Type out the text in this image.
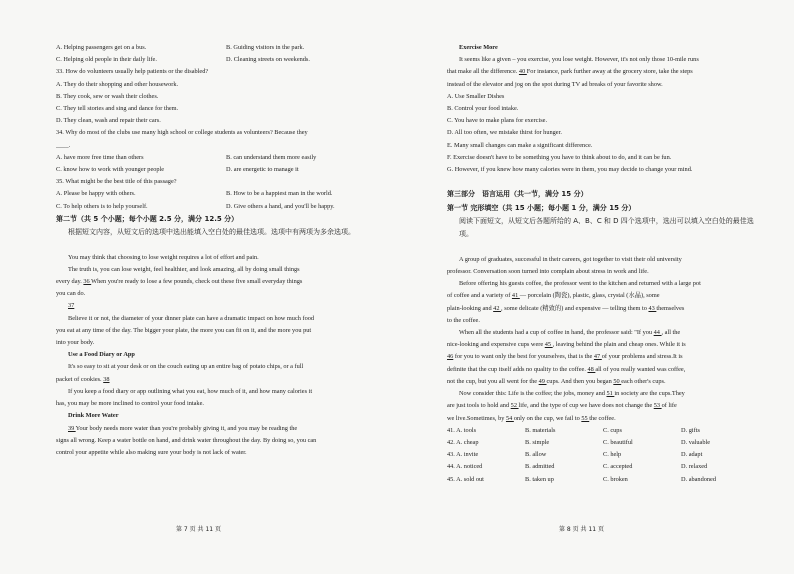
A. Helping passengers get on a bus.	B. Guiding visitors in the park.
C. Helping old people in their daily life.	D. Cleaning streets on weekends.
33. How do volunteers usually help patients or the disabled?
A. They do their shopping and other housework.
B. They cook, sew or wash their clothes.
C. They tell stories and sing and dance for them.
D. They clean, wash and repair their cars.
34. Why do most of the clubs use many high school or college students as volunteers? Because they
____.
A. have more free time than others	B. can understand them more easily
C. know how to work with younger people	D. are energetic to manage it
35. What might be the best title of this passage?
A. Please be happy with others.	B. How to be a happiest man in the world.
C. To help others is to help yourself.	D. Give others a hand, and you'll be happy.
第二节（共 5 个小题；每个小题 2.5 分，满分 12.5 分）
根据短文内容，从短文后的选项中选出能填入空白处的最佳选项。选项中有两项为多余选项。
You may think that choosing to lose weight requires a lot of effort and pain.
The truth is, you can lose weight, feel healthier, and look amazing, all by doing small things
every day. 36 When you're ready to lose a few pounds, check out these five small everyday things
you can do.
37
Believe it or not, the diameter of your dinner plate can have a dramatic impact on how much food
you eat at any time of the day. The bigger your plate, the more you can fit on it, and the more you put
into your body.
Use a Food Diary or App
It's so easy to sit at your desk or on the couch eating up an entire bag of potato chips, or a full
packet of cookies. 38
If you keep a food diary or app outlining what you eat, how much of it, and how many calories it
has, you may be more inclined to control your food intake.
Drink More Water
39 Your body needs more water than you're probably giving it, and you may be reading the
signs all wrong. Keep a water bottle on hand, and drink water throughout the day. By doing so, you can
control your appetite while also making sure your body is not lack of water.
第 7 页 共 11 页
Exercise More
It seems like a given – you exercise, you lose weight. However, it's not only those 10-mile runs
that make all the difference. 40 For instance, park further away at the grocery store, take the steps
instead of the elevator and jog on the spot during TV ad breaks of your favorite show.
A. Use Smaller Dishes
B. Control your food intake.
C. You have to make plans for exercise.
D. All too often, we mistake thirst for hunger.
E. Many small changes can make a significant difference.
F. Exercise doesn't have to be something you have to think about to do, and it can be fun.
G. However, if you knew how many calories were in them, you may decide to change your mind.
第三部分　语言运用（共一节，满分 15 分）
第一节 完形填空（共 15 小题；每小题 1 分，满分 15 分）
阅读下面短文，从短文后各题所给的 A、B、C 和 D 四个选项中，选出可以填入空白处的最佳选项。
A group of graduates, successful in their careers, got together to visit their old university
professor. Conversation soon turned into complain about stress in work and life.
Before offering his guests coffee, the professor went to the kitchen and returned with a large pot
of coffee and a variety of 41 — porcelain (陶瓷), plastic, glass, crystal (水晶), some
plain-looking and 42 , some delicate (精致的) and expensive — telling them to 43 themselves
to the coffee.
When all the students had a cup of coffee in hand, the professor said: "If you 44 , all the
nice-looking and expensive cups were 45 , leaving behind the plain and cheap ones. While it is
46 for you to want only the best for yourselves, that is the 47 of your problems and stress.It is
definite that the cup itself adds no quality to the coffee. 48 all of you really wanted was coffee,
not the cup, but you all went for the 49 cups. And then you began 50 each other's cups.
Now consider this: Life is the coffee; the jobs, money and 51 in society are the cups.They
are just tools to hold and 52 life, and the type of cup we have does not change the 53 of life
we live.Sometimes, by 54 only on the cup, we fail to 55 the coffee.
41. A. tools	B. materials	C. cups	D. gifts
42. A. cheap	B. simple	C. beautiful	D. valuable
43. A. invite	B. allow	C. help	D. adapt
44. A. noticed	B. admitted	C. accepted	D. relaxed
45. A. sold out	B. taken up	C. broken	D. abandoned
第 8 页 共 11 页
